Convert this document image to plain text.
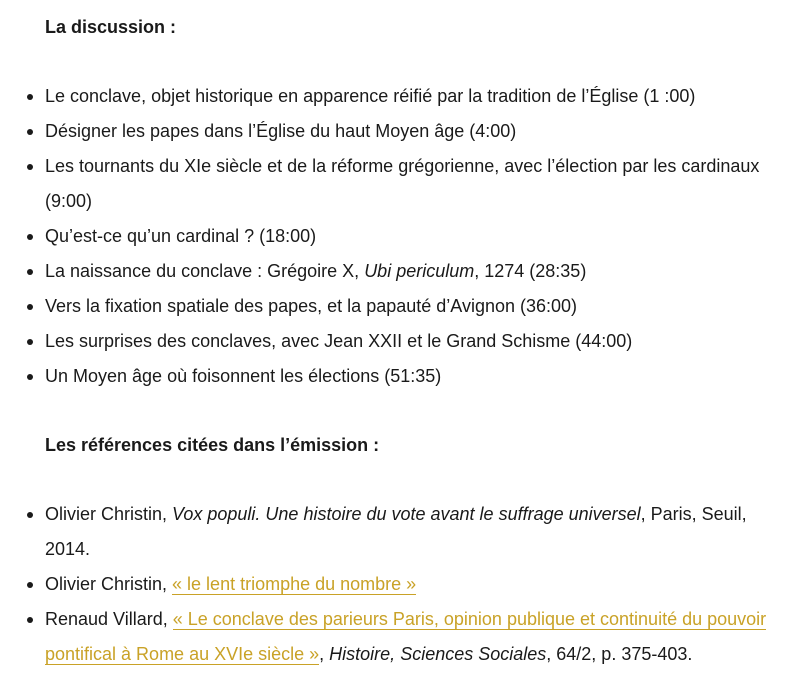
La discussion :

Le conclave, objet historique en apparence réifié par la tradition de l’Église (1 :00)
Désigner les papes dans l’Église du haut Moyen âge (4:00)
Les tournants du XIe siècle et de la réforme grégorienne, avec l’élection par les cardinaux (9:00)
Qu’est-ce qu’un cardinal ? (18:00)
La naissance du conclave : Grégoire X, Ubi periculum, 1274 (28:35)
Vers la fixation spatiale des papes, et la papauté d’Avignon (36:00)
Les surprises des conclaves, avec Jean XXII et le Grand Schisme (44:00)
Un Moyen âge où foisonnent les élections (51:35)

Les références citées dans l’émission :

Olivier Christin, Vox populi. Une histoire du vote avant le suffrage universel, Paris, Seuil, 2014.
Olivier Christin, « le lent triomphe du nombre »
Renaud Villard, « Le conclave des parieurs Paris, opinion publique et continuité du pouvoir pontifical à Rome au XVIe siècle », Histoire, Sciences Sociales, 64/2, p. 375-403.
